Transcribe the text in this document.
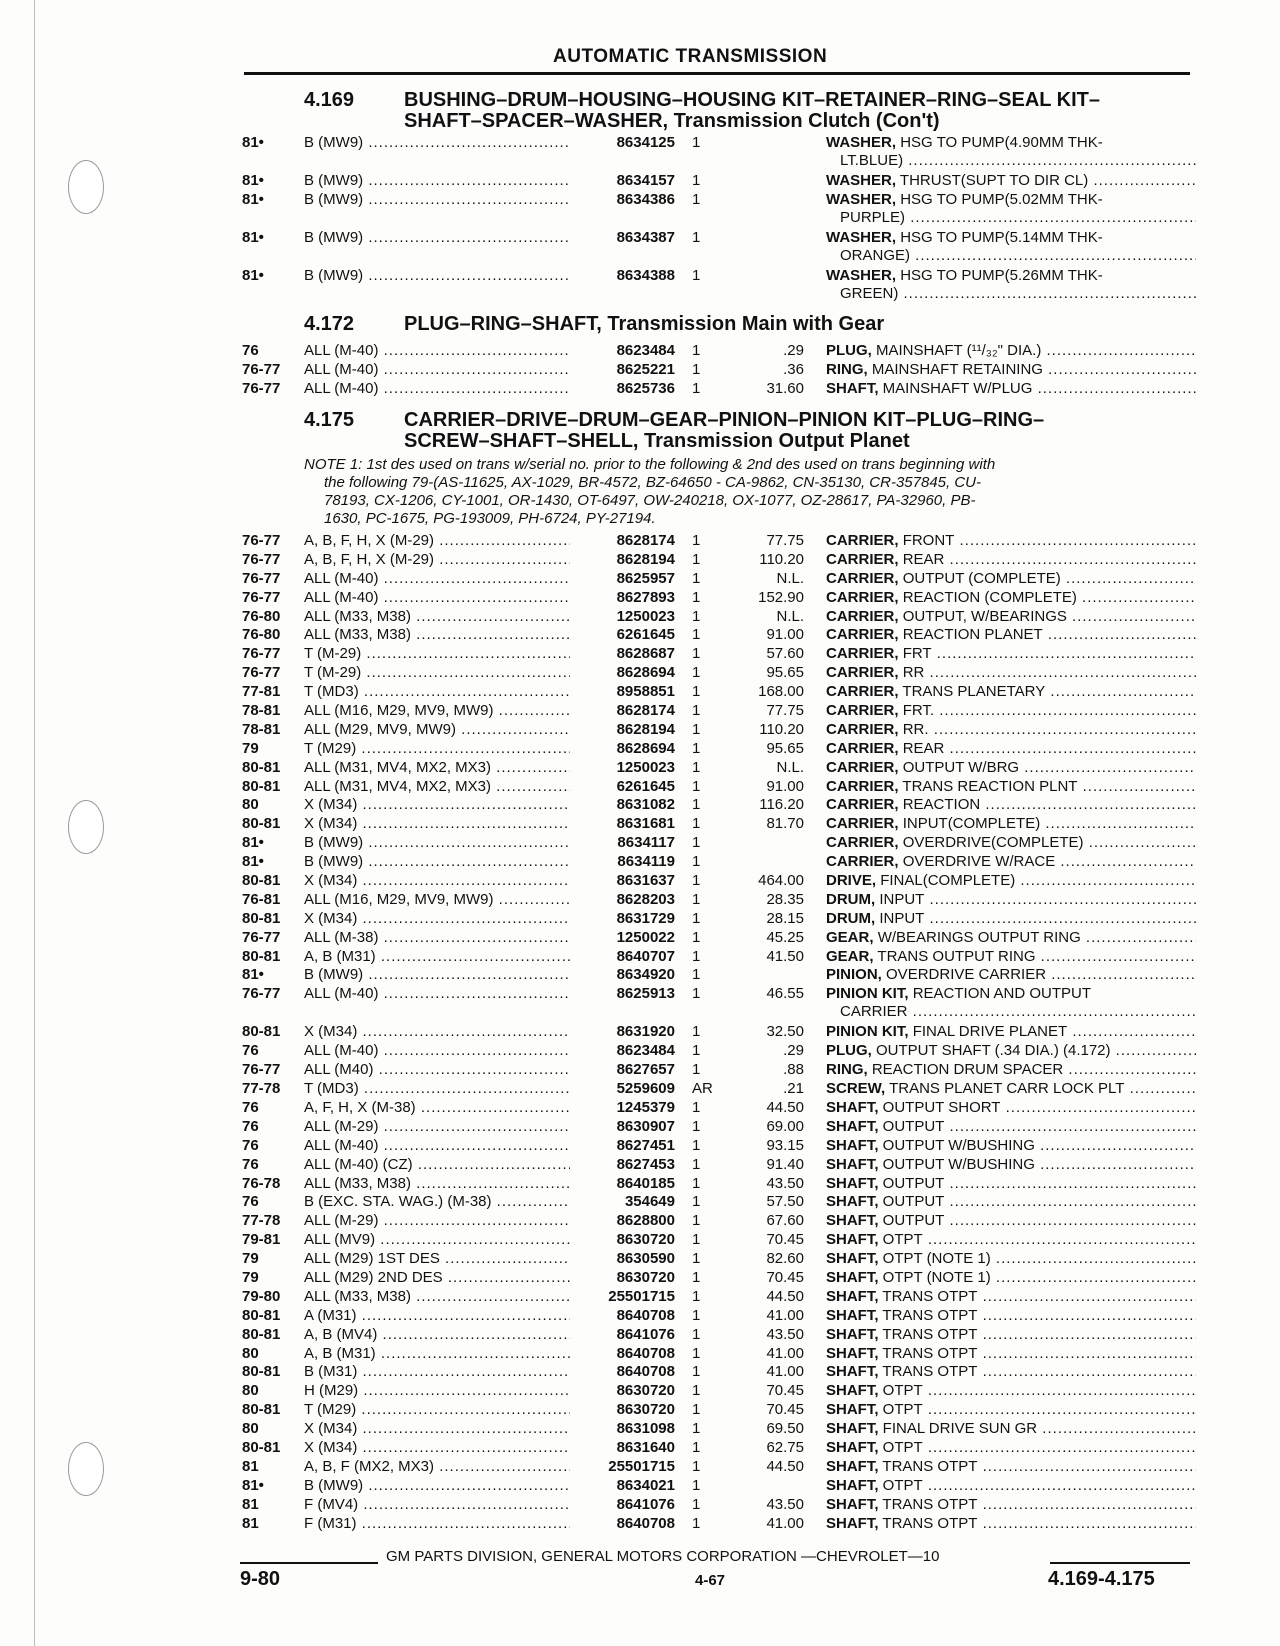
AUTOMATIC TRANSMISSION
4.169	BUSHING–DRUM–HOUSING–HOUSING KIT–RETAINER–RING–SEAL KIT–
SHAFT–SPACER–WASHER, Transmission Clutch (Con't)
81•	B (MW9) .....	8634125 1	WASHER, HSG TO PUMP(4.90MM THK-
LT.BLUE) .....
81•	B (MW9) .....	8634157 1	WASHER, THRUST(SUPT TO DIR CL) .....
81•	B (MW9) .....	8634386 1	WASHER, HSG TO PUMP(5.02MM THK-
PURPLE) .....
81•	B (MW9) .....	8634387 1	WASHER, HSG TO PUMP(5.14MM THK-
ORANGE) .....
81•	B (MW9) .....	8634388 1	WASHER, HSG TO PUMP(5.26MM THK-
GREEN) .....
4.172	PLUG–RING–SHAFT, Transmission Main with Gear
76	ALL (M-40) .....	8623484 1	.29 PLUG, MAINSHAFT (¹¹/₃₂" DIA.) .....
76-77	ALL (M-40) .....	8625221 1	.36 RING, MAINSHAFT RETAINING .....
76-77	ALL (M-40) .....	8625736 1	31.60 SHAFT, MAINSHAFT W/PLUG .....
4.175	CARRIER–DRIVE–DRUM–GEAR–PINION–PINION KIT–PLUG–RING–
SCREW–SHAFT–SHELL, Transmission Output Planet
NOTE 1: 1st des used on trans w/serial no. prior to the following & 2nd des used on trans beginning with
the following 79-(AS-11625, AX-1029, BR-4572, BZ-64650 - CA-9862, CN-35130, CR-357845, CU-
78193, CX-1206, CY-1001, OR-1430, OT-6497, OW-240218, OX-1077, OZ-28617, PA-32960, PB-
1630, PC-1675, PG-193009, PH-6724, PY-27194.
76-77	A, B, F, H, X (M-29) .....	8628174 1	77.75 CARRIER, FRONT .....
76-77	A, B, F, H, X (M-29) .....	8628194 1	110.20 CARRIER, REAR .....
76-77	ALL (M-40) .....	8625957 1	N.L. CARRIER, OUTPUT (COMPLETE) .....
76-77	ALL (M-40) .....	8627893 1	152.90 CARRIER, REACTION (COMPLETE) .....
76-80	ALL (M33, M38) .....	1250023 1	N.L. CARRIER, OUTPUT, W/BEARINGS .....
76-80	ALL (M33, M38) .....	6261645 1	91.00 CARRIER, REACTION PLANET .....
76-77	T (M-29) .....	8628687 1	57.60 CARRIER, FRT .....
76-77	T (M-29) .....	8628694 1	95.65 CARRIER, RR .....
77-81	T (MD3) .....	8958851 1	168.00 CARRIER, TRANS PLANETARY .....
78-81	ALL (M16, M29, MV9, MW9) .....	8628174 1	77.75 CARRIER, FRT. .....
78-81	ALL (M29, MV9, MW9) .....	8628194 1	110.20 CARRIER, RR. .....
79	T (M29) .....	8628694 1	95.65 CARRIER, REAR .....
80-81	ALL (M31, MV4, MX2, MX3) .....	1250023 1	N.L. CARRIER, OUTPUT W/BRG .....
80-81	ALL (M31, MV4, MX2, MX3) .....	6261645 1	91.00 CARRIER, TRANS REACTION PLNT .....
80	X (M34) .....	8631082 1	116.20 CARRIER, REACTION .....
80-81	X (M34) .....	8631681 1	81.70 CARRIER, INPUT(COMPLETE) .....
81•	B (MW9) .....	8634117 1	CARRIER, OVERDRIVE(COMPLETE) .....
81•	B (MW9) .....	8634119 1	CARRIER, OVERDRIVE W/RACE .....
80-81	X (M34) .....	8631637 1	464.00 DRIVE, FINAL(COMPLETE) .....
76-81	ALL (M16, M29, MV9, MW9) .....	8628203 1	28.35 DRUM, INPUT .....
80-81	X (M34) .....	8631729 1	28.15 DRUM, INPUT .....
76-77	ALL (M-38) .....	1250022 1	45.25 GEAR, W/BEARINGS OUTPUT RING .....
80-81	A, B (M31) .....	8640707 1	41.50 GEAR, TRANS OUTPUT RING .....
81•	B (MW9) .....	8634920 1	PINION, OVERDRIVE CARRIER .....
76-77	ALL (M-40) .....	8625913 1	46.55 PINION KIT, REACTION AND OUTPUT
CARRIER .....
80-81	X (M34) .....	8631920 1	32.50 PINION KIT, FINAL DRIVE PLANET .....
76	ALL (M-40) .....	8623484 1	.29 PLUG, OUTPUT SHAFT (.34 DIA.) (4.172) .....
76-77	ALL (M40) .....	8627657 1	.88 RING, REACTION DRUM SPACER .....
77-78	T (MD3) .....	5259609 AR	.21 SCREW, TRANS PLANET CARR LOCK PLT .....
76	A, F, H, X (M-38) .....	1245379 1	44.50 SHAFT, OUTPUT SHORT .....
76	ALL (M-29) .....	8630907 1	69.00 SHAFT, OUTPUT .....
76	ALL (M-40) .....	8627451 1	93.15 SHAFT, OUTPUT W/BUSHING .....
76	ALL (M-40) (CZ) .....	8627453 1	91.40 SHAFT, OUTPUT W/BUSHING .....
76-78	ALL (M33, M38) .....	8640185 1	43.50 SHAFT, OUTPUT .....
76	B (EXC. STA. WAG.) (M-38) .....	354649 1	57.50 SHAFT, OUTPUT .....
77-78	ALL (M-29) .....	8628800 1	67.60 SHAFT, OUTPUT .....
79-81	ALL (MV9) .....	8630720 1	70.45 SHAFT, OTPT .....
79	ALL (M29) 1ST DES .....	8630590 1	82.60 SHAFT, OTPT (NOTE 1) .....
79	ALL (M29) 2ND DES .....	8630720 1	70.45 SHAFT, OTPT (NOTE 1) .....
79-80	ALL (M33, M38) .....	25501715 1	44.50 SHAFT, TRANS OTPT .....
80-81	A (M31) .....	8640708 1	41.00 SHAFT, TRANS OTPT .....
80-81	A, B (MV4) .....	8641076 1	43.50 SHAFT, TRANS OTPT .....
80	A, B (M31) .....	8640708 1	41.00 SHAFT, TRANS OTPT .....
80-81	B (M31) .....	8640708 1	41.00 SHAFT, TRANS OTPT .....
80	H (M29) .....	8630720 1	70.45 SHAFT, OTPT .....
80-81	T (M29) .....	8630720 1	70.45 SHAFT, OTPT .....
80	X (M34) .....	8631098 1	69.50 SHAFT, FINAL DRIVE SUN GR .....
80-81	X (M34) .....	8631640 1	62.75 SHAFT, OTPT .....
81	A, B, F (MX2, MX3) .....	25501715 1	44.50 SHAFT, TRANS OTPT .....
81•	B (MW9) .....	8634021 1	SHAFT, OTPT .....
81	F (MV4) .....	8641076 1	43.50 SHAFT, TRANS OTPT .....
81	F (M31) .....	8640708 1	41.00 SHAFT, TRANS OTPT .....
GM PARTS DIVISION, GENERAL MOTORS CORPORATION —CHEVROLET—10
9-80	4-67	4.169-4.175
